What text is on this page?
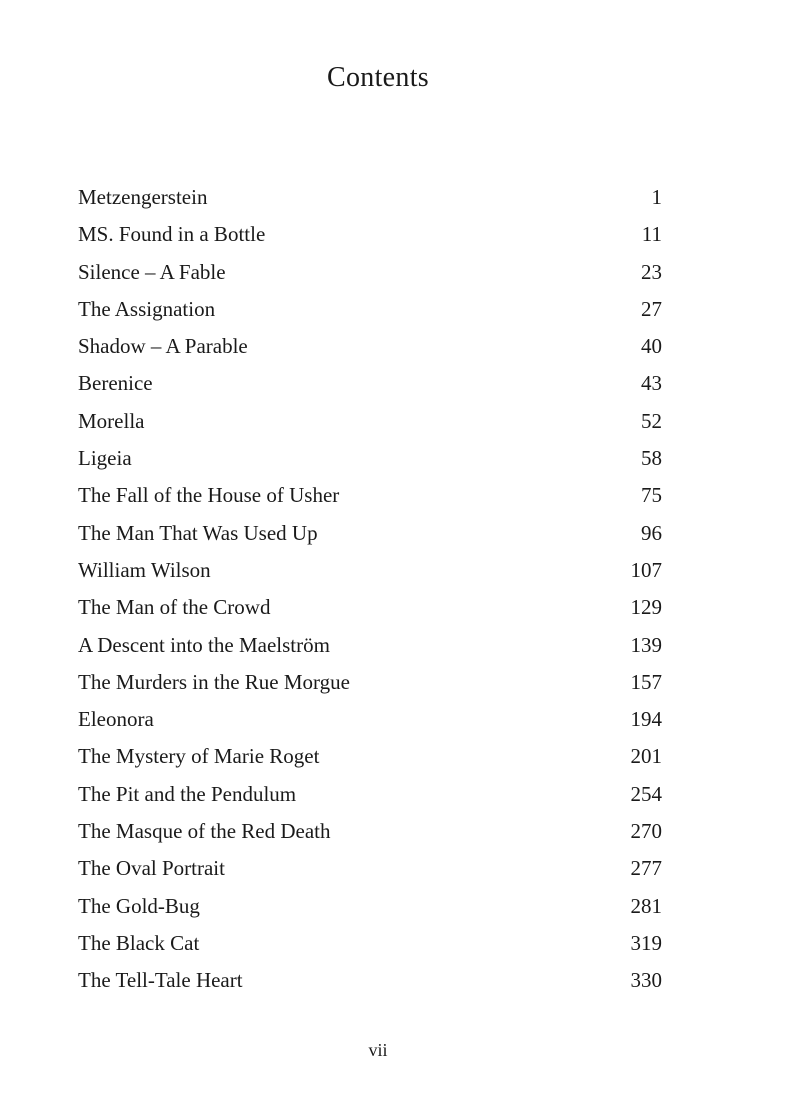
Contents
Metzengerstein	1
MS. Found in a Bottle	11
Silence – A Fable	23
The Assignation	27
Shadow – A Parable	40
Berenice	43
Morella	52
Ligeia	58
The Fall of the House of Usher	75
The Man That Was Used Up	96
William Wilson	107
The Man of the Crowd	129
A Descent into the Maelström	139
The Murders in the Rue Morgue	157
Eleonora	194
The Mystery of Marie Roget	201
The Pit and the Pendulum	254
The Masque of the Red Death	270
The Oval Portrait	277
The Gold-Bug	281
The Black Cat	319
The Tell-Tale Heart	330
vii
